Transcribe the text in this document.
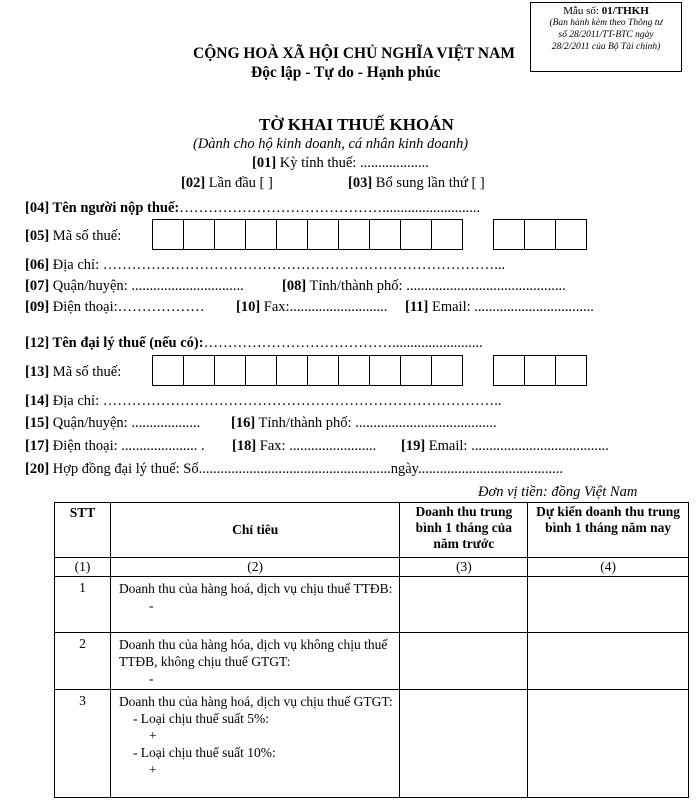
Mẫu số: 01/THKH
(Ban hành kèm theo Thông tư
số 28/2011/TT-BTC ngày
28/2/2011 của Bộ Tài chính)
CỘNG HOÀ XÃ HỘI CHỦ NGHĨA VIỆT NAM
Độc lập - Tự do - Hạnh phúc
TỜ KHAI THUẾ KHOÁN
(Dành cho hộ kinh doanh, cá nhân kinh doanh)
[01] Kỳ tính thuế: ...................
[02] Lần đầu [ ]	[03] Bổ sung lần thứ [ ]
[04] Tên người nộp thuế:……………………………………...........................
[05] Mã số thuế:
[06] Địa chỉ: ………………………………………………………………………...
[07] Quận/huyện: ...............................	[08] Tỉnh/thành phố: ............................................
[09] Điện thoại:……………… [10] Fax:........................... [11] Email: .................................
[12] Tên đại lý thuế (nếu có):………………………………….........................
[13] Mã số thuế:
[14] Địa chỉ: ………………………………………………………………………..
[15] Quận/huyện: ................... [16] Tỉnh/thành phố: .......................................
[17] Điện thoại: ..................... . [18] Fax: ........................ [19] Email: ......................................
[20] Hợp đồng đại lý thuế: Số.....................................................ngày........................................
Đơn vị tiền: đồng Việt Nam
STT	Chỉ tiêu	Doanh thu trung bình 1 tháng của năm trước	Dự kiến doanh thu trung bình 1 tháng năm nay
(1)	(2)	(3)	(4)
1	Doanh thu của hàng hoá, dịch vụ chịu thuế TTĐB:
-		

2	Doanh thu của hàng hóa, dịch vụ không chịu thuế TTĐB, không chịu thuế GTGT:
-		

3	Doanh thu của hàng hoá, dịch vụ chịu thuế GTGT:
- Loại chịu thuế suất 5%:
+
- Loại chịu thuế suất 10%:
+		
